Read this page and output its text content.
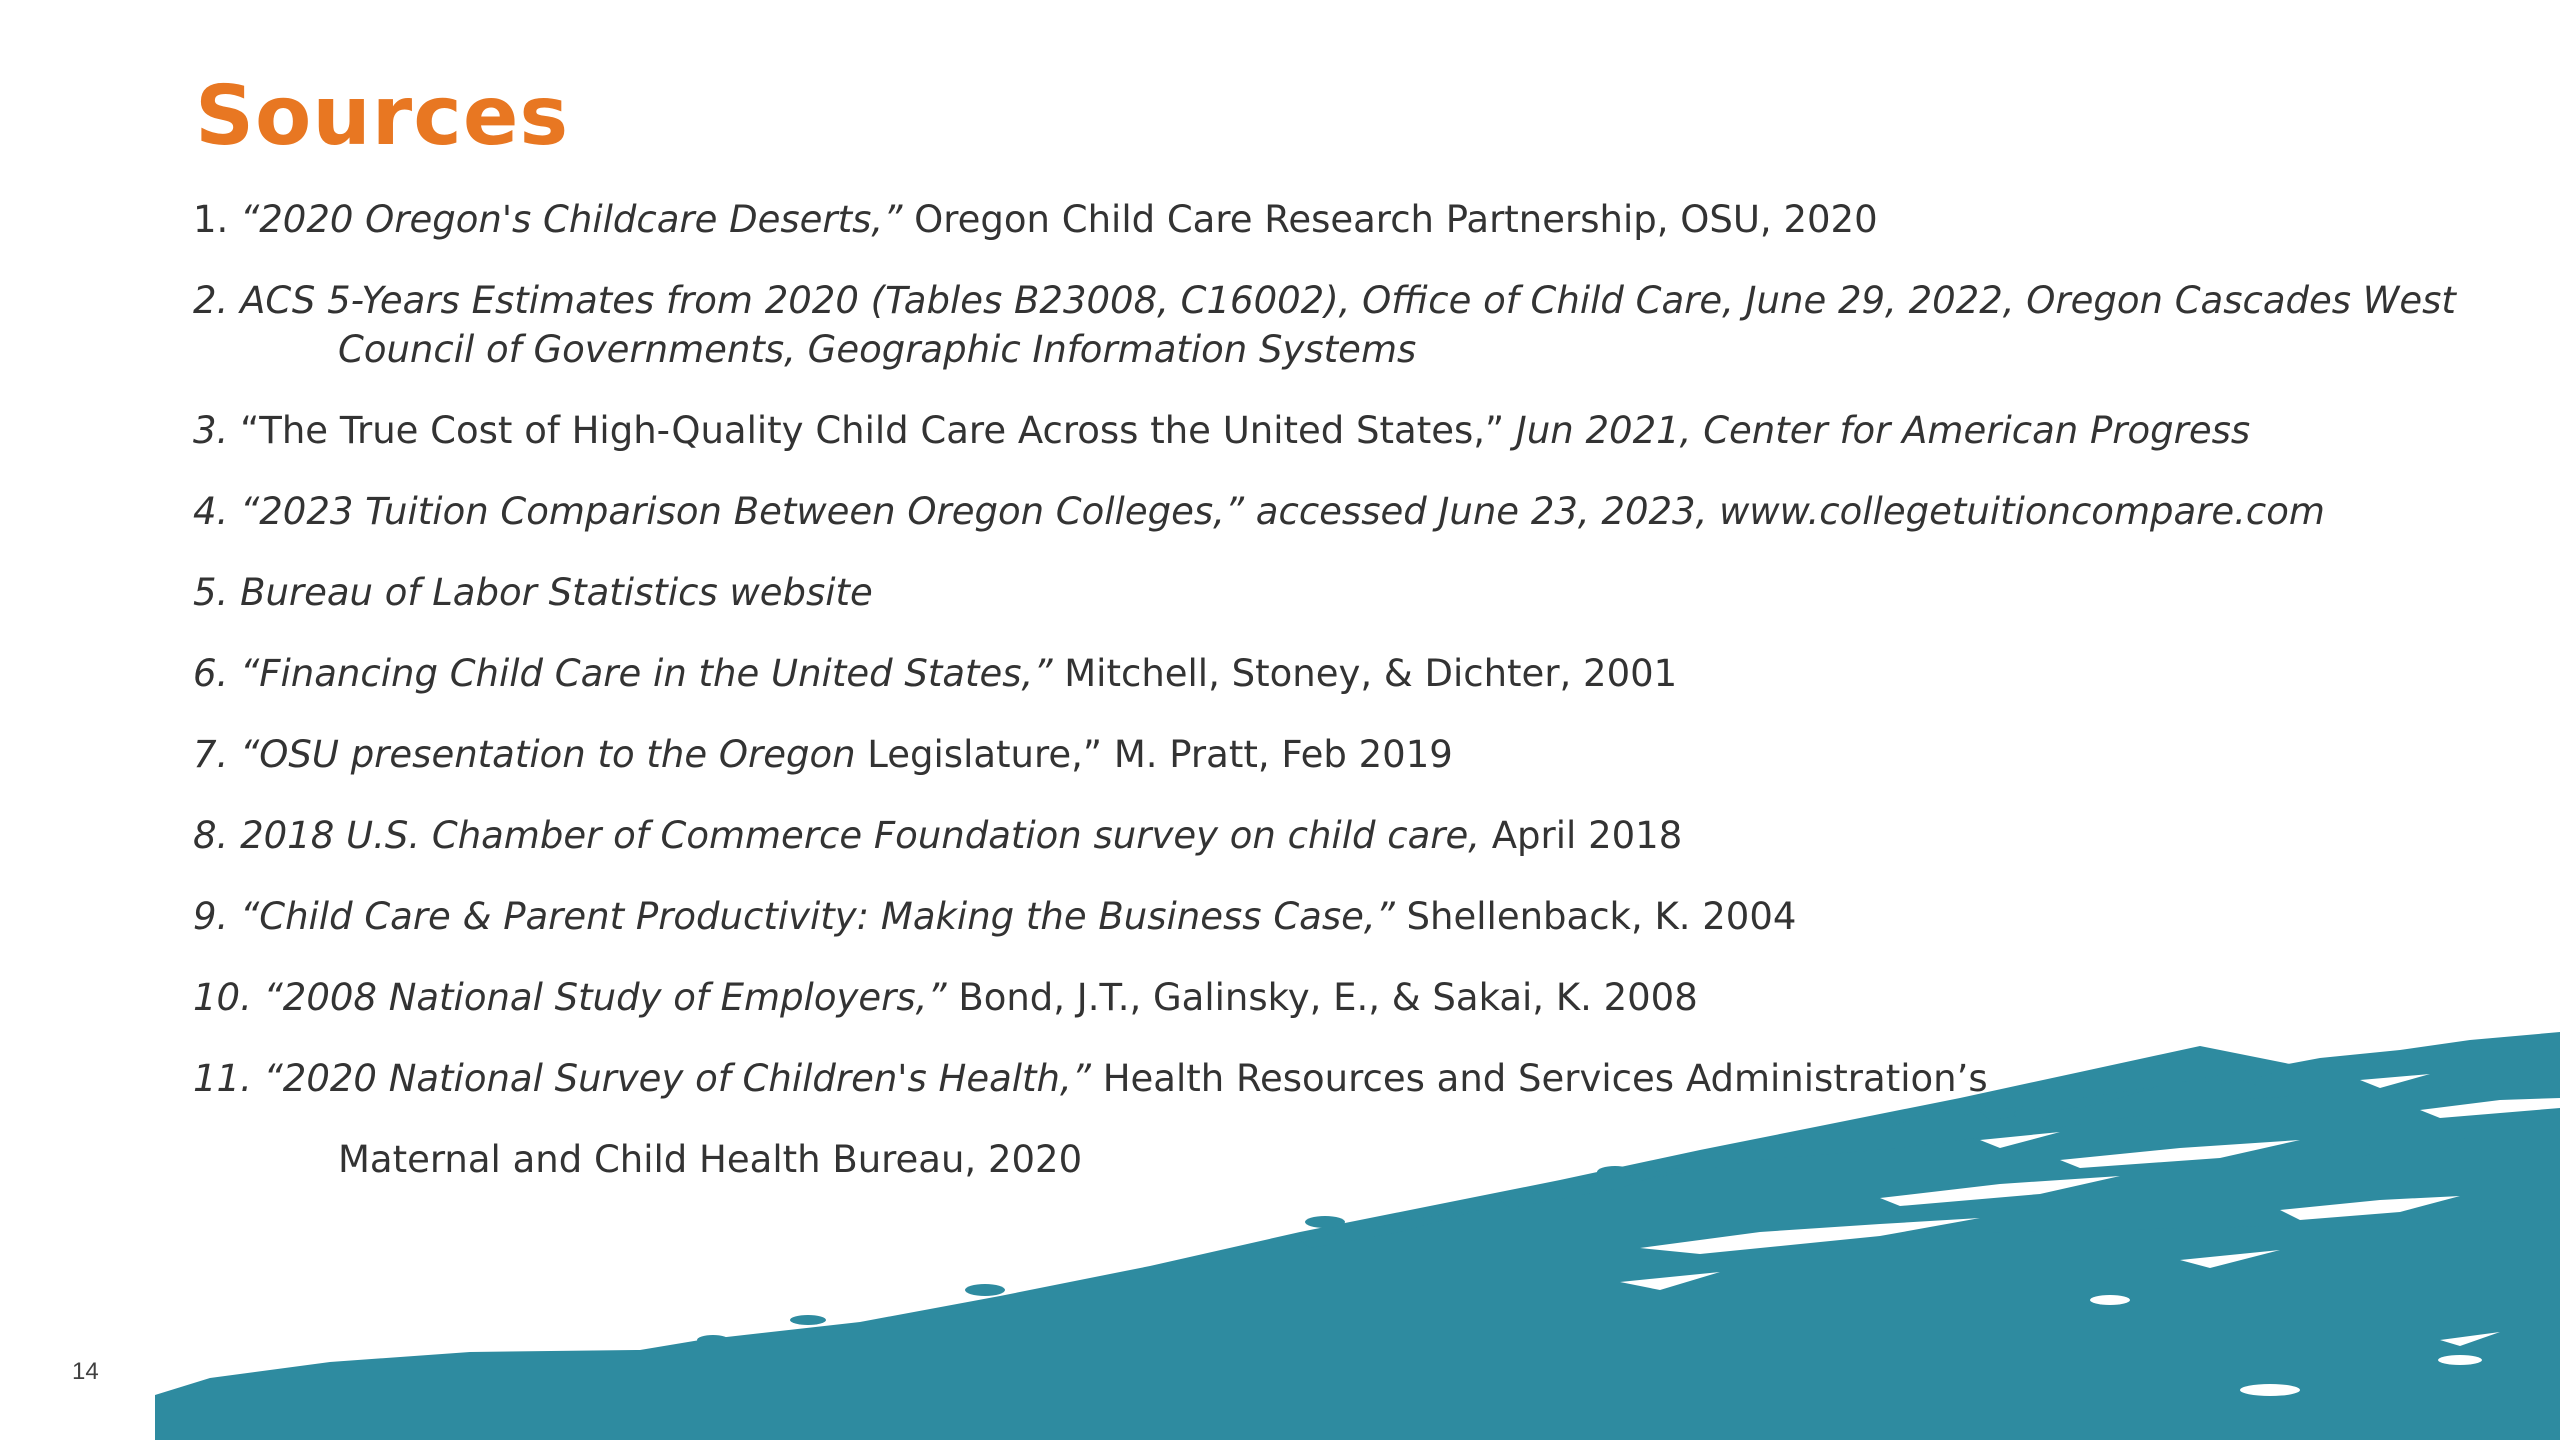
Sources
1. “2020 Oregon's Childcare Deserts,” Oregon Child Care Research Partnership, OSU, 2020
2. ACS 5-Years Estimates from 2020 (Tables B23008, C16002), Office of Child Care, June 29, 2022, Oregon Cascades West
Council of Governments, Geographic Information Systems
3. “The True Cost of High-Quality Child Care Across the United States,” Jun 2021, Center for American Progress
4. “2023 Tuition Comparison Between Oregon Colleges,” accessed June 23, 2023, www.collegetuitioncompare.com
5. Bureau of Labor Statistics website
6. “Financing Child Care in the United States,” Mitchell, Stoney, & Dichter, 2001
7. “OSU presentation to the Oregon Legislature,” M. Pratt, Feb 2019
8. 2018 U.S. Chamber of Commerce Foundation survey on child care, April 2018
9. “Child Care & Parent Productivity: Making the Business Case,” Shellenback, K. 2004
10. “2008 National Study of Employers,” Bond, J.T., Galinsky, E., & Sakai, K. 2008
11. “2020 National Survey of Children's Health,” Health Resources and Services Administration’s
Maternal and Child Health Bureau, 2020
14
